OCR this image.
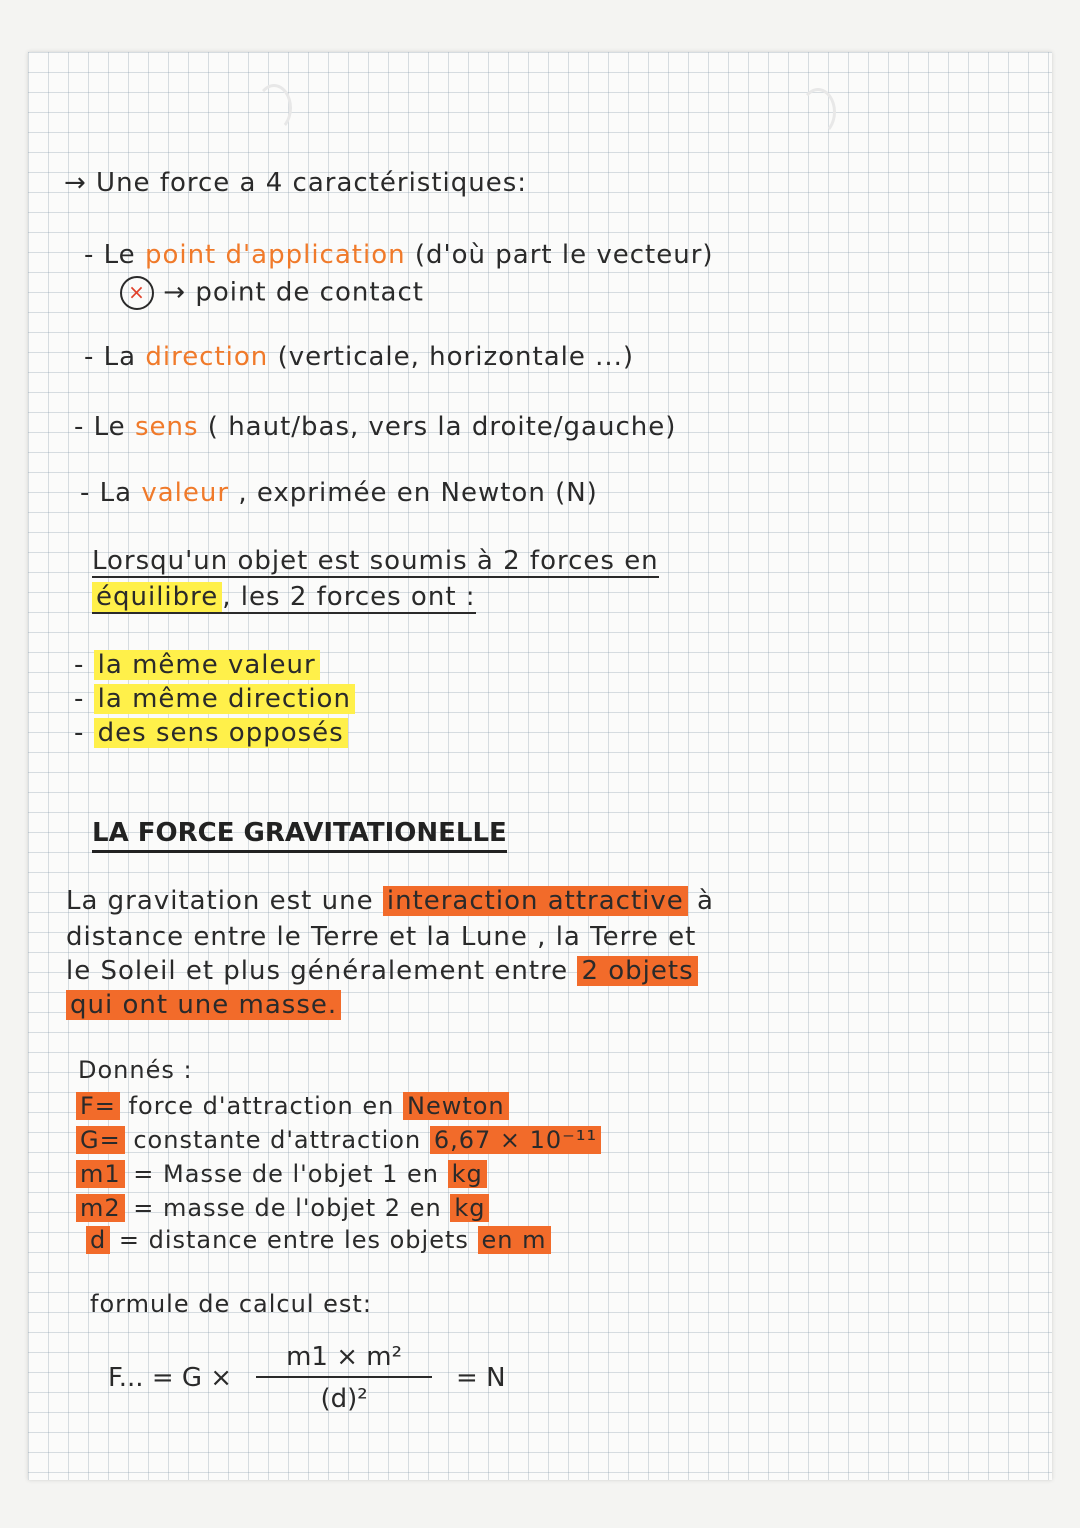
→ Une force a 4 caractéristiques:
- Le point d'application (d'où part le vecteur)
× → point de contact
- La direction (verticale, horizontale ...)
- Le sens ( haut/bas, vers la droite/gauche)
- La valeur , exprimée en Newton (N)
Lorsqu'un objet est soumis à 2 forces en
équilibre , les 2 forces ont :
- la même valeur
- la même direction
- des sens opposés
LA FORCE GRAVITATIONELLE
La gravitation est une interaction attractive à
distance entre le Terre et la Lune , la Terre et
le Soleil et plus généralement entre 2 objets
qui ont une masse.
Donnés :
F= force d'attraction en Newton
G= constante d'attraction 6,67 × 10⁻¹¹
m1 = Masse de l'objet 1 en kg
m2 = masse de l'objet 2 en kg
d = distance entre les objets en m
formule de calcul est:
F... = $G \times \frac{\text{m1 × m²}}{\text{(d)²}} = N$
